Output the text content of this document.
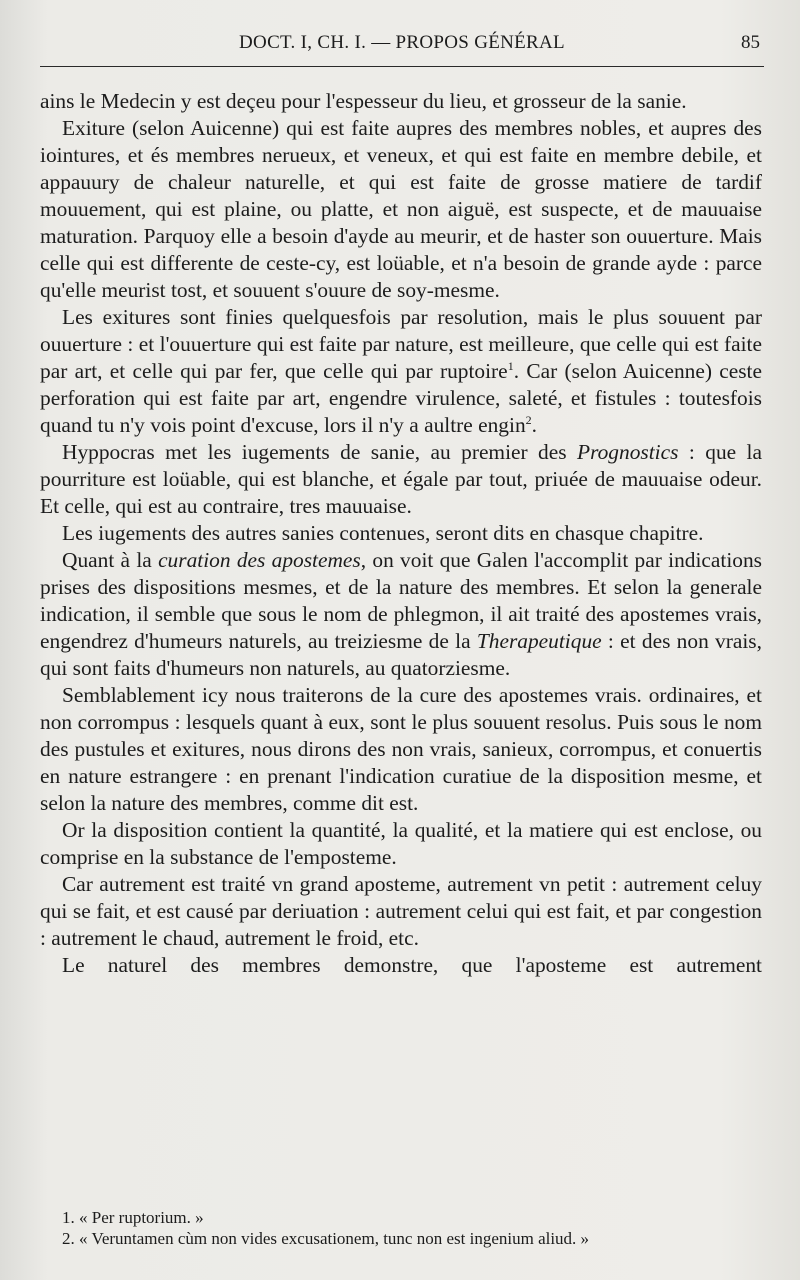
DOCT. I, CH. I. — PROPOS GÉNÉRAL	85

ains le Medecin y est deçeu pour l'espesseur du lieu, et grosseur de la sanie.

Exiture (selon Auicenne) qui est faite aupres des membres nobles, et aupres des iointures, et és membres nerueux, et veneux, et qui est faite en membre debile, et appauury de chaleur naturelle, et qui est faite de grosse matiere de tardif mouuement, qui est plaine, ou platte, et non aiguë, est suspecte, et de mauuaise maturation. Parquoy elle a besoin d'ayde au meurir, et de haster son ouuerture. Mais celle qui est differente de ceste-cy, est loüable, et n'a besoin de grande ayde : parce qu'elle meurist tost, et souuent s'ouure de soy-mesme.

Les exitures sont finies quelquesfois par resolution, mais le plus souuent par ouuerture : et l'ouuerture qui est faite par nature, est meilleure, que celle qui est faite par art, et celle qui par fer, que celle qui par ruptoire$^1$. Car (selon Auicenne) ceste perforation qui est faite par art, engendre virulence, saleté, et fistules : toutesfois quand tu n'y vois point d'excuse, lors il n'y a aultre engin$^2$.

Hyppocras met les iugements de sanie, au premier des Prognostics : que la pourriture est loüable, qui est blanche, et égale par tout, priuée de mauuaise odeur. Et celle, qui est au contraire, tres mauuaise.

Les iugements des autres sanies contenues, seront dits en chasque chapitre.

Quant à la curation des apostemes, on voit que Galen l'accomplit par indications prises des dispositions mesmes, et de la nature des membres. Et selon la generale indication, il semble que sous le nom de phlegmon, il ait traité des apostemes vrais, engendrez d'humeurs naturels, au treiziesme de la Therapeutique : et des non vrais, qui sont faits d'humeurs non naturels, au quatorziesme.

Semblablement icy nous traiterons de la cure des apostemes vrais. ordinaires, et non corrompus : lesquels quant à eux, sont le plus souuent resolus. Puis sous le nom des pustules et exitures, nous dirons des non vrais, sanieux, corrompus, et conuertis en nature estrangere : en prenant l'indication curatiue de la disposition mesme, et selon la nature des membres, comme dit est.

Or la disposition contient la quantité, la qualité, et la matiere qui est enclose, ou comprise en la substance de l'emposteme.

Car autrement est traité vn grand aposteme, autrement vn petit : autrement celuy qui se fait, et est causé par deriuation : autrement celui qui est fait, et par congestion : autrement le chaud, autrement le froid, etc.

Le naturel des membres demonstre, que l'aposteme est autrement

1. « Per ruptorium. »
2. « Veruntamen cùm non vides excusationem, tunc non est ingenium aliud. »
